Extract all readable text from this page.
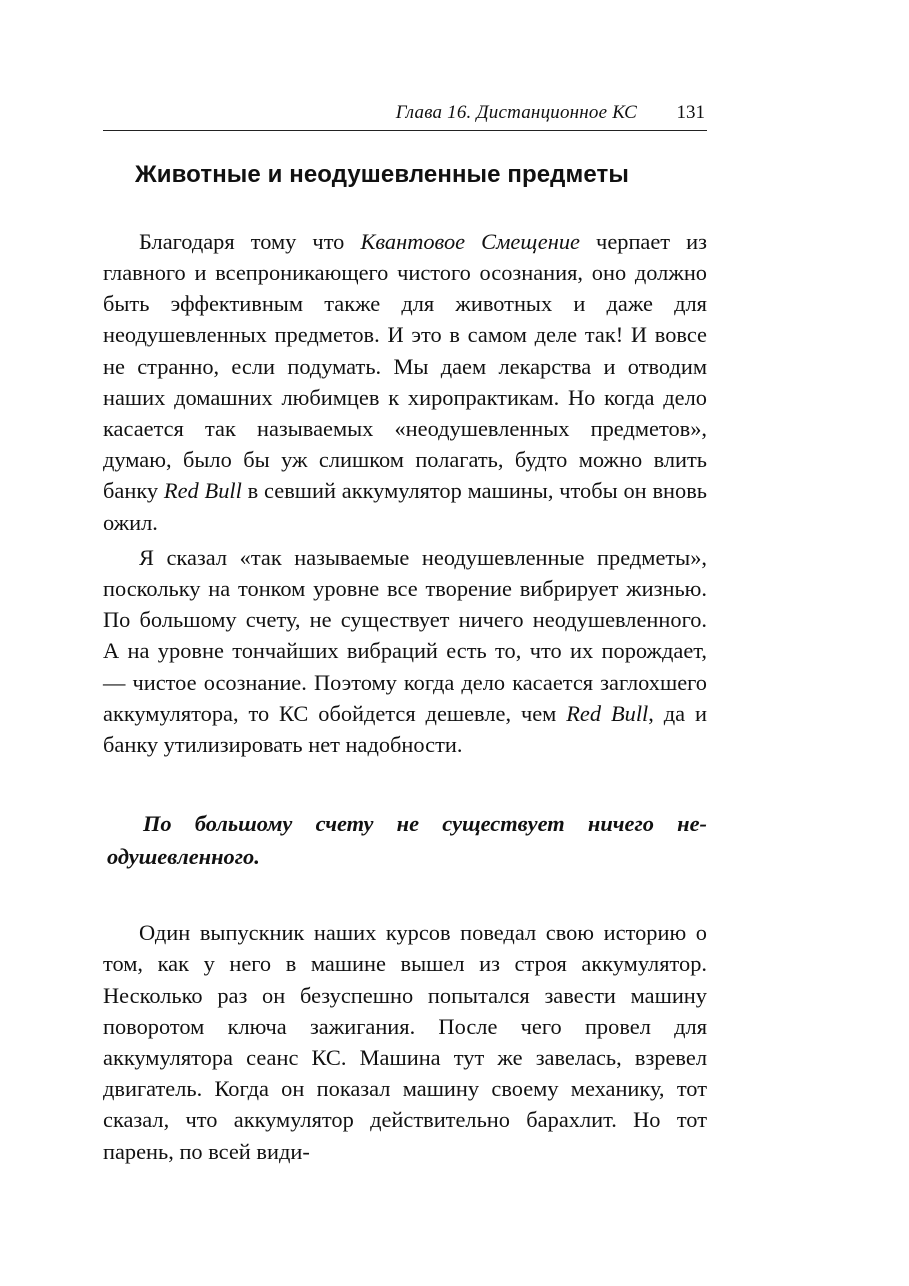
Глава 16. Дистанционное КС 131
Животные и неодушевленные предметы

Благодаря тому что Квантовое Смещение черпает из главного и всепроникающего чистого осознания, оно должно быть эффективным также для животных и даже для неодушевленных предметов. И это в самом деле так! И вовсе не странно, если подумать. Мы даем лекарства и отводим наших домашних любимцев к хиропрактикам. Но когда дело касается так называемых «неодушевленных предметов», думаю, было бы уж слишком полагать, будто можно влить банку Red Bull в севший аккумулятор машины, чтобы он вновь ожил.

Я сказал «так называемые неодушевленные предметы», поскольку на тонком уровне все творение вибрирует жизнью. По большому счету, не существует ничего неодушевленного. А на уровне тончайших вибраций есть то, что их порождает, — чистое осознание. Поэтому когда дело касается заглохшего аккумулятора, то КС обойдется дешевле, чем Red Bull, да и банку утилизировать нет надобности.

По большому счету не существует ничего неодушевленного.

Один выпускник наших курсов поведал свою историю о том, как у него в машине вышел из строя аккумулятор. Несколько раз он безуспешно попытался завести машину поворотом ключа зажигания. После чего провел для аккумулятора сеанс КС. Машина тут же завелась, взревел двигатель. Когда он показал машину своему механику, тот сказал, что аккумулятор действительно барахлит. Но тот парень, по всей види-
